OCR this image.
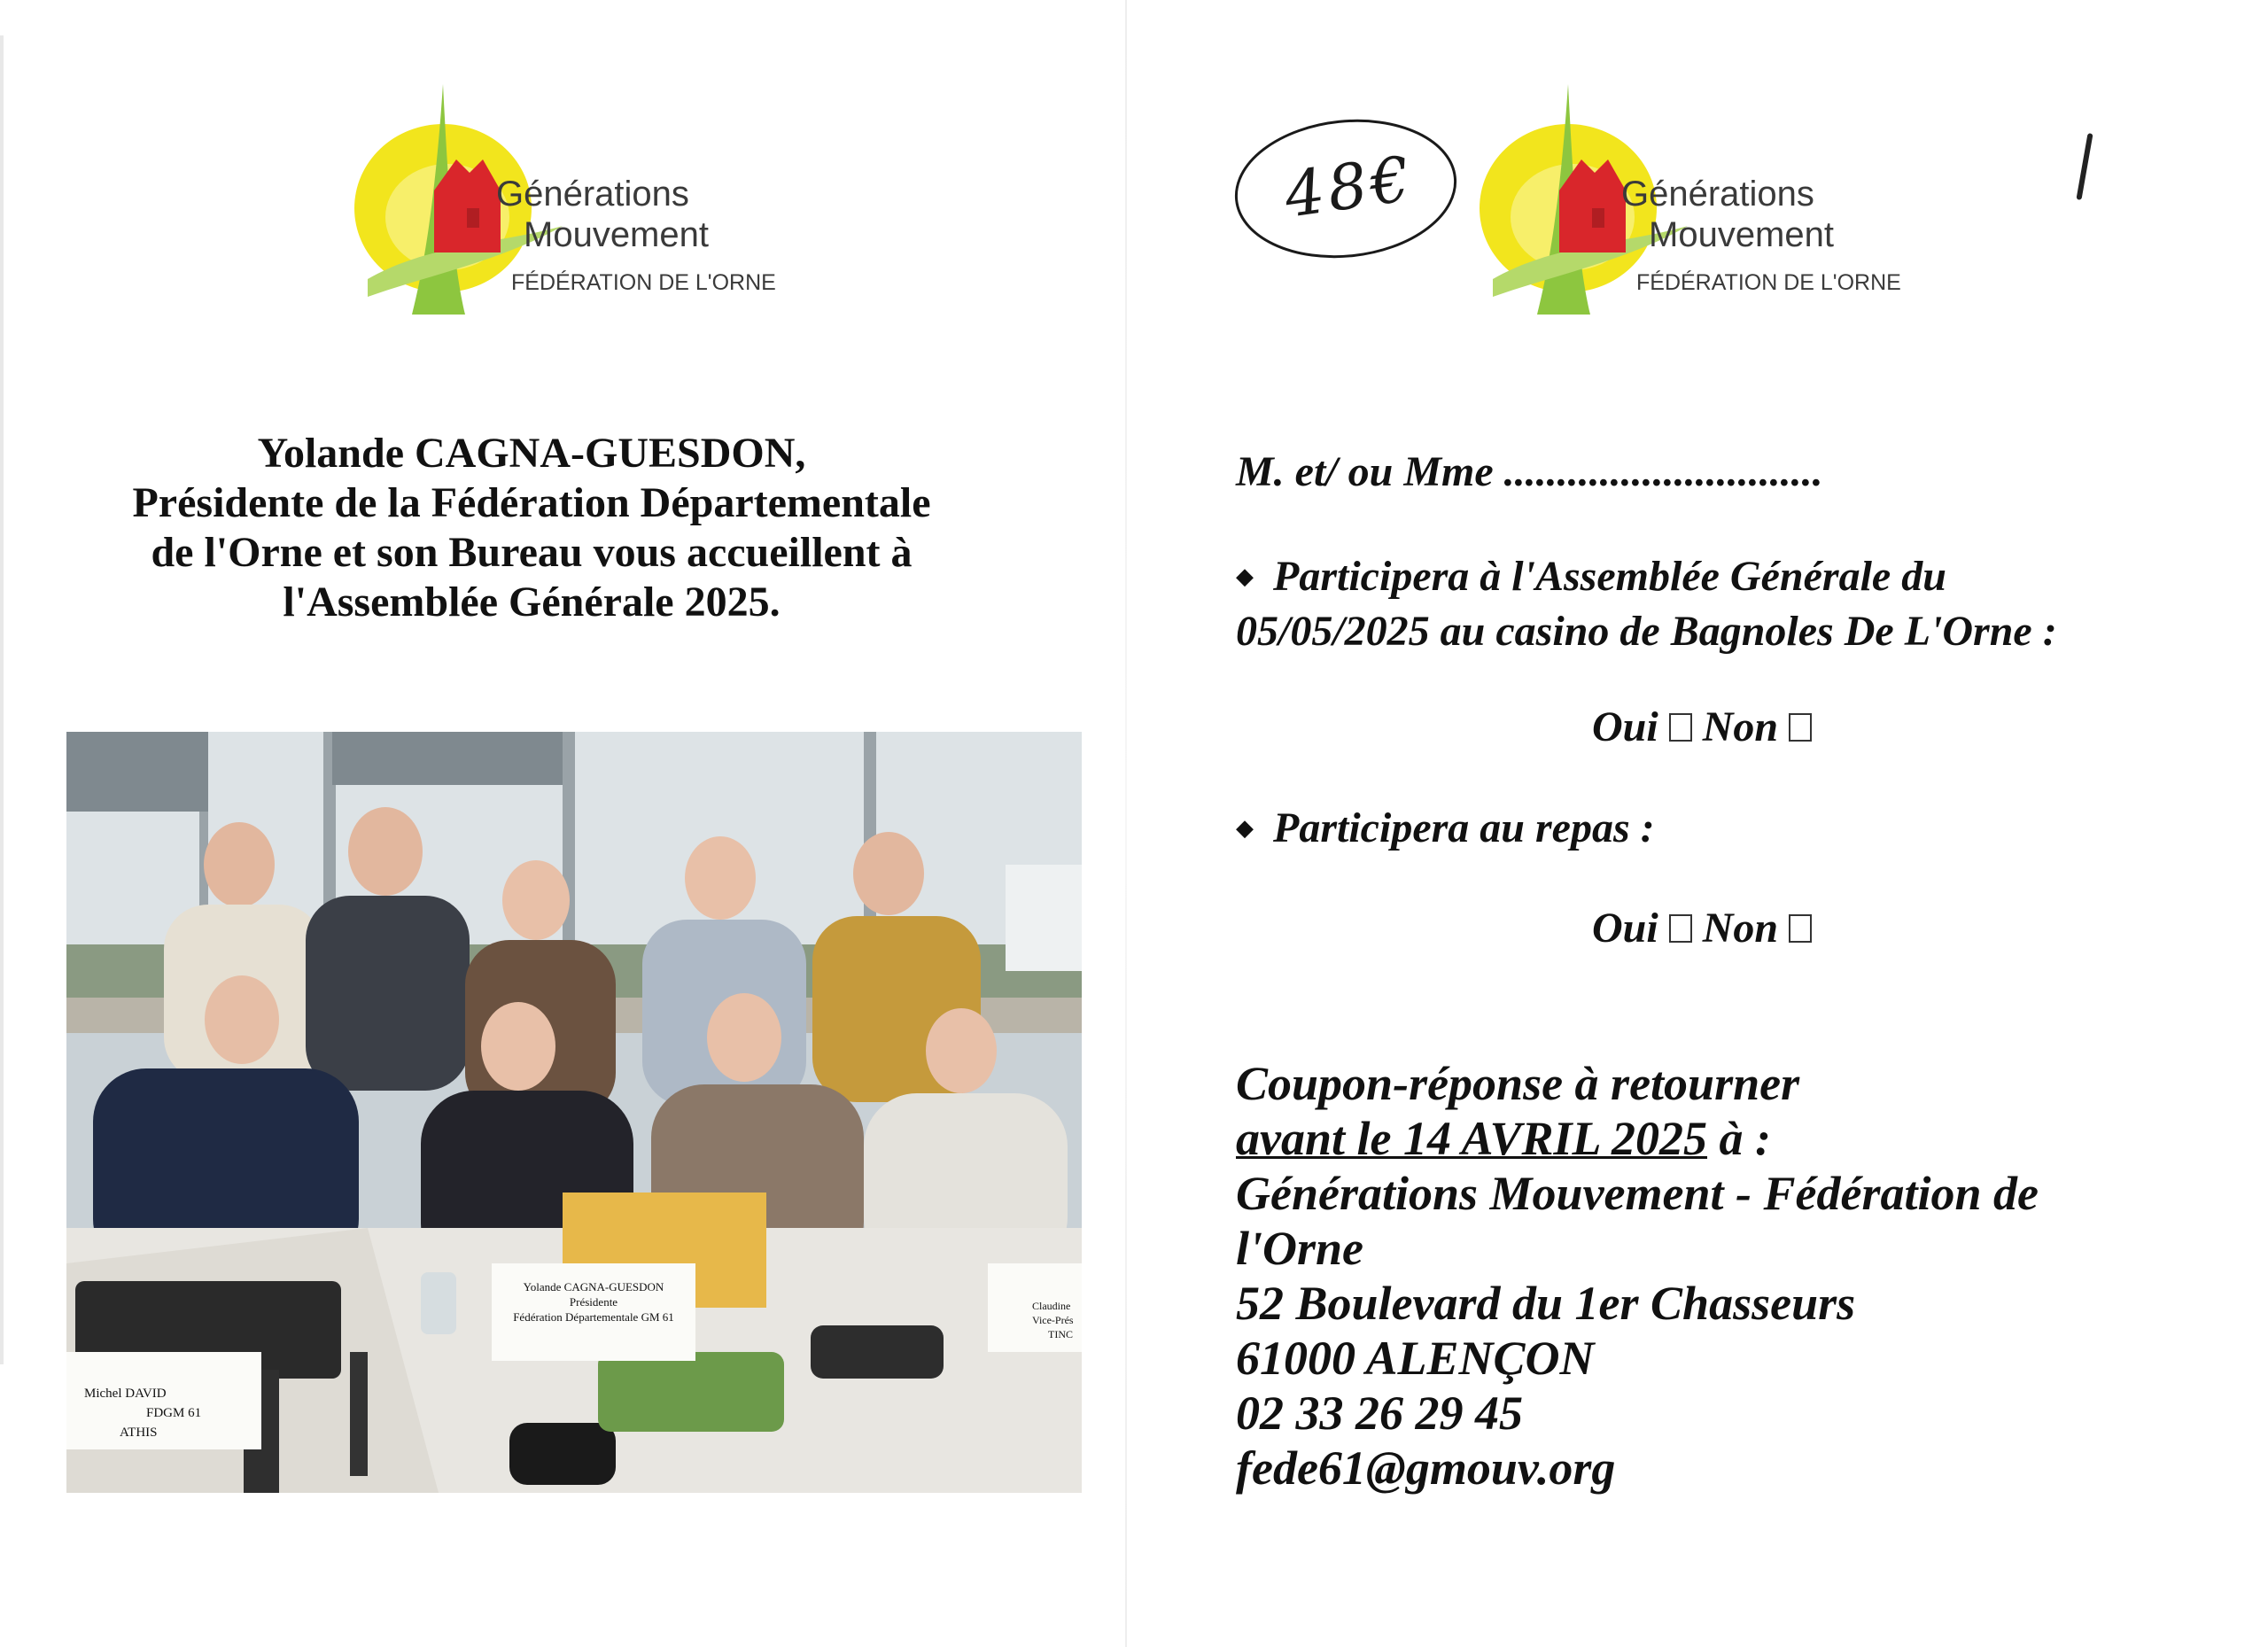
Générations
Mouvement
FÉDÉRATION DE L'ORNE
Yolande CAGNA-GUESDON,
Présidente de la Fédération Départementale
de l'Orne et son Bureau vous accueillent à
l'Assemblée Générale 2025.
Yolande CAGNA-GUESDON
Présidente
Fédération Départementale GM 61
Michel DAVID
FDGM 61
ATHIS
Claudine
Vice-Prés
TINC
48€	Générations
Mouvement
FÉDÉRATION DE L'ORNE
M. et/ ou Mme ..............................
◆ Participera à l'Assemblée Générale du
05/05/2025 au casino de Bagnoles De L'Orne :
Oui Non
◆ Participera au repas :
Oui Non
Coupon-réponse à retourner
avant le 14 AVRIL 2025 à :
Générations Mouvement - Fédération de
l'Orne
52 Boulevard du 1er Chasseurs
61000 ALENÇON
02 33 26 29 45
fede61@gmouv.org
